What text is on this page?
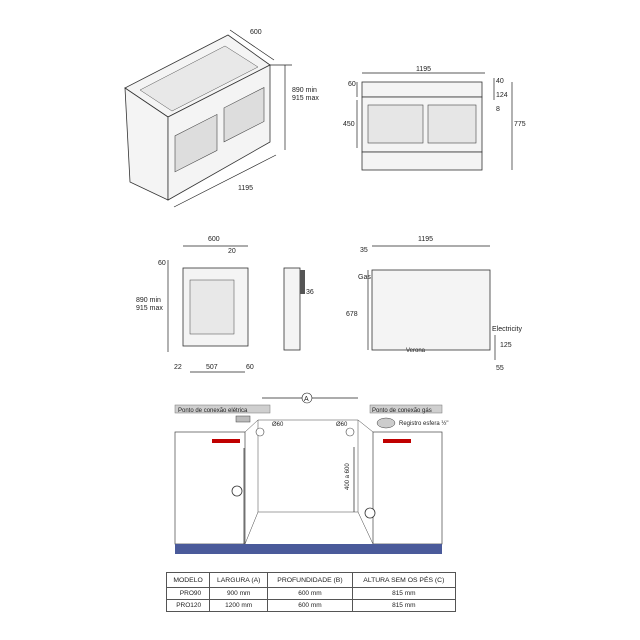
600
890 min
915 max
1195
1195
40
60
124
8
450	775
600
20
60
890 min
915 max
22	507	60
36
1195
35
Gas
678
Electricity
125
55
Verona
A
Ponto de conexão elétrica	Ponto de conexão gás
Registro esfera ½"
Ø60	Ø60
400 a 600
MODELO	LARGURA (A)	PROFUNDIDADE (B)	ALTURA SEM OS PÉS (C)
PRO90	900 mm	600 mm	815 mm
PRO120	1200 mm	600 mm	815 mm
